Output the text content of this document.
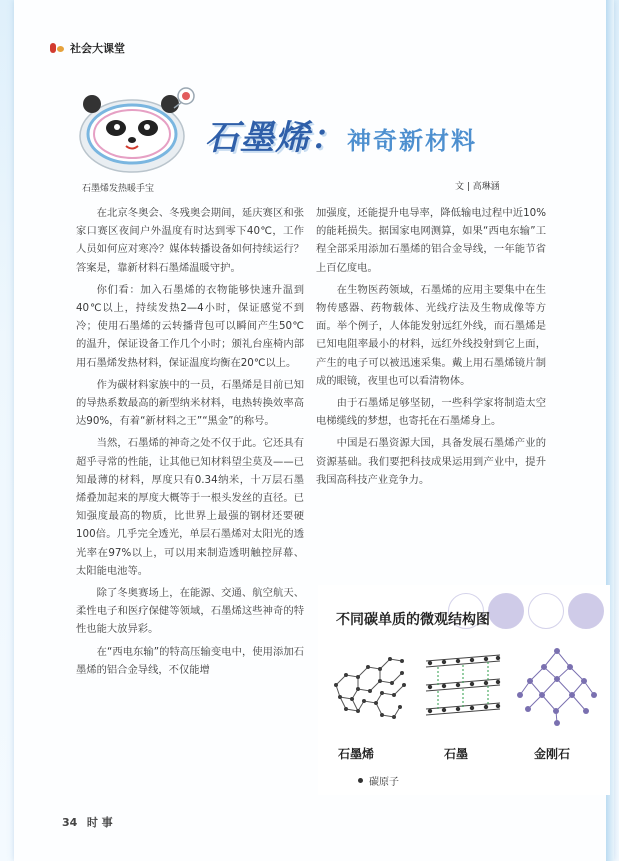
社会大课堂
石墨烯 ： 神奇新材料
石墨烯发热暖手宝	文 | 高琳涵

在北京冬奥会、冬残奥会期间，延庆赛区和张家口赛区夜间户外温度有时达到零下40℃，工作人员如何应对寒冷？媒体转播设备如何持续运行？答案是，靠新材料石墨烯温暖守护。

你们看：加入石墨烯的衣物能够快速升温到40℃以上，持续发热2—4小时，保证感觉不到冷；使用石墨烯的云转播背包可以瞬间产生50℃的温升，保证设备工作几个小时；颁礼台座椅内部用石墨烯发热材料，保证温度均衡在20℃以上。

作为碳材料家族中的一员，石墨烯是目前已知的导热系数最高的新型纳米材料，电热转换效率高达90%，有着“新材料之王”“黑金”的称号。

当然，石墨烯的神奇之处不仅于此。它还具有超乎寻常的性能，让其他已知材料望尘莫及——已知最薄的材料，厚度只有0.34纳米，十万层石墨烯叠加起来的厚度大概等于一根头发丝的直径。已知强度最高的物质，比世界上最强的钢材还要硬100倍。几乎完全透光，单层石墨烯对太阳光的透光率在97%以上，可以用来制造透明触控屏幕、太阳能电池等。

除了冬奥赛场上，在能源、交通、航空航天、柔性电子和医疗保健等领域，石墨烯这些神奇的特性也能大放异彩。

在“西电东输”的特高压输变电中，使用添加石墨烯的铝合金导线，不仅能增

加强度，还能提升电导率，降低输电过程中近10%的能耗损失。据国家电网测算，如果“西电东输”工程全部采用添加石墨烯的铝合金导线，一年能节省上百亿度电。

在生物医药领域，石墨烯的应用主要集中在生物传感器、药物载体、光线疗法及生物成像等方面。举个例子，人体能发射远红外线，而石墨烯是已知电阻率最小的材料，远红外线投射到它上面，产生的电子可以被迅速采集。戴上用石墨烯镜片制成的眼镜，夜里也可以看清物体。

由于石墨烯足够坚韧，一些科学家将制造太空电梯缆线的梦想，也寄托在石墨烯身上。

中国是石墨资源大国，具备发展石墨烯产业的资源基础。我们要把科技成果运用到产业中，提升我国高科技产业竞争力。

不同碳单质的微观结构图
石墨烯	石墨	金刚石
碳原子
34 时 事
